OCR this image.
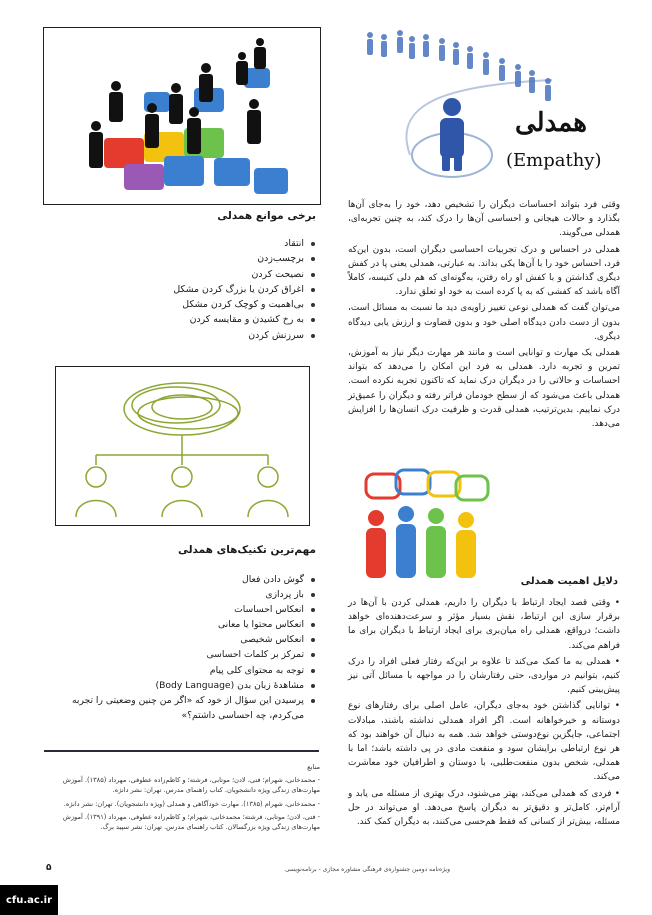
همدلی
(Empathy)

وقتی فرد بتواند احساسات دیگران را تشخیص دهد، خود را به‌جای آن‌ها بگذارد و حالات هیجانی و احساسی آن‌ها را درک کند، به چنین تجربه‌ای، همدلی می‌گویند.

همدلی در احساس و درک تجربیات احساسی دیگران است، بدون این‌که فرد، احساس خود را با آن‌ها یکی بداند. به عبارتی، همدلی یعنی پا در کفش دیگری گذاشتن و با کفش او راه رفتن، به‌گونه‌ای که هم دلی کنیسه، کاملاً آگاه باشد که کفشی که به پا کرده است به خود او تعلق ندارد.

می‌توان گفت که همدلی نوعی تغییر زاویه‌ی دید ما نسبت به مسائل است، بدون از دست دادن دیدگاه اصلی خود و بدون قضاوت و ارزش یابی دیدگاه دیگری.

همدلی یک مهارت و توانایی است و مانند هر مهارت دیگر نیاز به آموزش، تمرین و تجربه دارد. همدلی به فرد این امکان را می‌دهد که بتواند احساسات و حالاتی را در دیگران درک نماید که تاکنون تجربه نکرده است. همدلی باعث می‌شود که از سطح خودمان فراتر رفته و دیگران را عمیق‌تر درک نماییم. بدین‌ترتیب، همدلی قدرت و ظرفیت درک انسان‌ها را افزایش می‌دهد.

دلایل اهمیت همدلی

• وقتی قصد ایجاد ارتباط با دیگران را داریم، همدلی کردن با آن‌ها در برقرار سازی این ارتباط، نقش بسیار مؤثر و سرعت‌دهنده‌ای خواهد داشت؛ درواقع، همدلی راه میان‌بری برای ایجاد ارتباط با دیگران برای ما فراهم می‌کند.

• همدلی به ما کمک می‌کند تا علاوه بر این‌که رفتار فعلی افراد را درک کنیم، بتوانیم در مواردی، حتی رفتارشان را در مواجهه با مسائل آتی نیز پیش‌بینی کنیم.

• توانایی گذاشتن خود به‌جای دیگران، عامل اصلی برای رفتارهای نوع دوستانه و خیرخواهانه است. اگر افراد همدلی نداشته باشند، مبادلات اجتماعی، جایگزین نوع‌دوستی خواهد شد. همه به دنبال آن خواهند بود که هر نوع ارتباطی برایشان سود و منفعت مادی در پی داشته باشد؛ اما با همدلی، شخص بدون منفعت‌طلبی، با دوستان و اطرافیان خود معاشرت می‌کند.

• فردی که همدلی می‌کند، بهتر می‌شنود، درک بهتری از مسئله می یابد و آرام‌تر، کامل‌تر و دقیق‌تر به دیگران پاسخ می‌دهد. او می‌تواند در حل مسئله، بیش‌تر از کسانی که فقط هم‌حسی می‌کنند، به دیگران کمک کند.

برخی موانع همدلی
انتقاد
برچسب‌زدن
نصیحت کردن
اغراق کردن یا بزرگ کردن مشکل
بی‌اهمیت و کوچک کردن مشکل
به رخ کشیدن و مقایسه کردن
سرزنش کردن
مهم‌ترین تکنیک‌های همدلی
گوش دادن فعال
باز پردازی
انعکاس احساسات
انعکاس محتوا یا معانی
انعکاس شخیصی
تمرکز بر کلمات احساسی
توجه به محتوای کلی پیام
مشاهدهٔ زبان بدن (Body Language)
پرسیدن این سؤال از خود که «اگر من چنین وضعیتی را تجربه می‌کردم، چه احساسی داشتم؟»

منابع

- محمدخانی، شهرام؛ فتی، لادن؛ موتابی، فرشته؛ و کاظم‌زاده عطوفی، مهرداد (۱۳۸۵). آموزش مهارت‌های زندگی ویژه دانشجویان. کتاب راهنمای مدرس. تهران: نشر دانژه.

- محمدخانی، شهرام (۱۳۸۵). مهارت خودآگاهی و همدلی (ویژه دانشجویان). تهران: نشر دانژه.

- فتی، لادن؛ موتابی، فرشته؛ محمدخانی، شهرام؛ و کاظم‌زاده عطوفی، مهرداد (۱۳۹۱). آموزش مهارت‌های زندگی ویژه بزرگسالان. کتاب راهنمای مدرس. تهران: نشر سپید برگ.

۵	ویژه‌نامه دومین جشنواره‌ی فرهنگی مشاوره مجازی - برنامه‌نویسی
cfu.ac.ir
